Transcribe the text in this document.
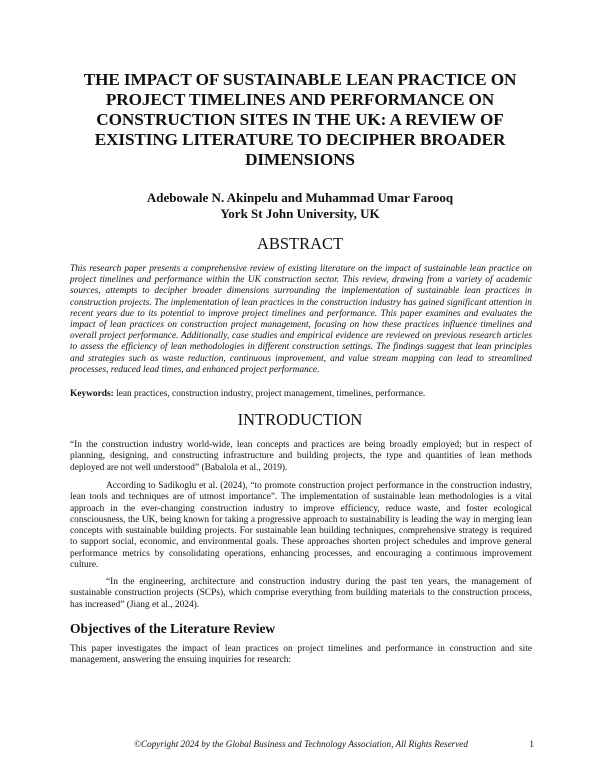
THE IMPACT OF SUSTAINABLE LEAN PRACTICE ON PROJECT TIMELINES AND PERFORMANCE ON CONSTRUCTION SITES IN THE UK: A REVIEW OF EXISTING LITERATURE TO DECIPHER BROADER DIMENSIONS
Adebowale N. Akinpelu and Muhammad Umar Farooq
York St John University, UK
ABSTRACT
This research paper presents a comprehensive review of existing literature on the impact of sustainable lean practice on project timelines and performance within the UK construction sector. This review, drawing from a variety of academic sources, attempts to decipher broader dimensions surrounding the implementation of sustainable lean practices in construction projects. The implementation of lean practices in the construction industry has gained significant attention in recent years due to its potential to improve project timelines and performance. This paper examines and evaluates the impact of lean practices on construction project management, focusing on how these practices influence timelines and overall project performance. Additionally, case studies and empirical evidence are reviewed on previous research articles to assess the efficiency of lean methodologies in different construction settings. The findings suggest that lean principles and strategies such as waste reduction, continuous improvement, and value stream mapping can lead to streamlined processes, reduced lead times, and enhanced project performance.
Keywords: lean practices, construction industry, project management, timelines, performance.
INTRODUCTION
“In the construction industry world-wide, lean concepts and practices are being broadly employed; but in respect of planning, designing, and constructing infrastructure and building projects, the type and quantities of lean methods deployed are not well understood” (Babalola et al., 2019).
According to Sadikoglu et al. (2024), “to promote construction project performance in the construction industry, lean tools and techniques are of utmost importance”. The implementation of sustainable lean methodologies is a vital approach in the ever-changing construction industry to improve efficiency, reduce waste, and foster ecological consciousness, the UK, being known for taking a progressive approach to sustainability is leading the way in merging lean concepts with sustainable building projects. For sustainable lean building techniques, comprehensive strategy is required to support social, economic, and environmental goals. These approaches shorten project schedules and improve general performance metrics by consolidating operations, enhancing processes, and encouraging a continuous improvement culture.
“In the engineering, architecture and construction industry during the past ten years, the management of sustainable construction projects (SCPs), which comprise everything from building materials to the construction process, has increased” (Jiang et al., 2024).
Objectives of the Literature Review
This paper investigates the impact of lean practices on project timelines and performance in construction and site management, answering the ensuing inquiries for research:
©Copyright 2024 by the Global Business and Technology Association, All Rights Reserved	1
